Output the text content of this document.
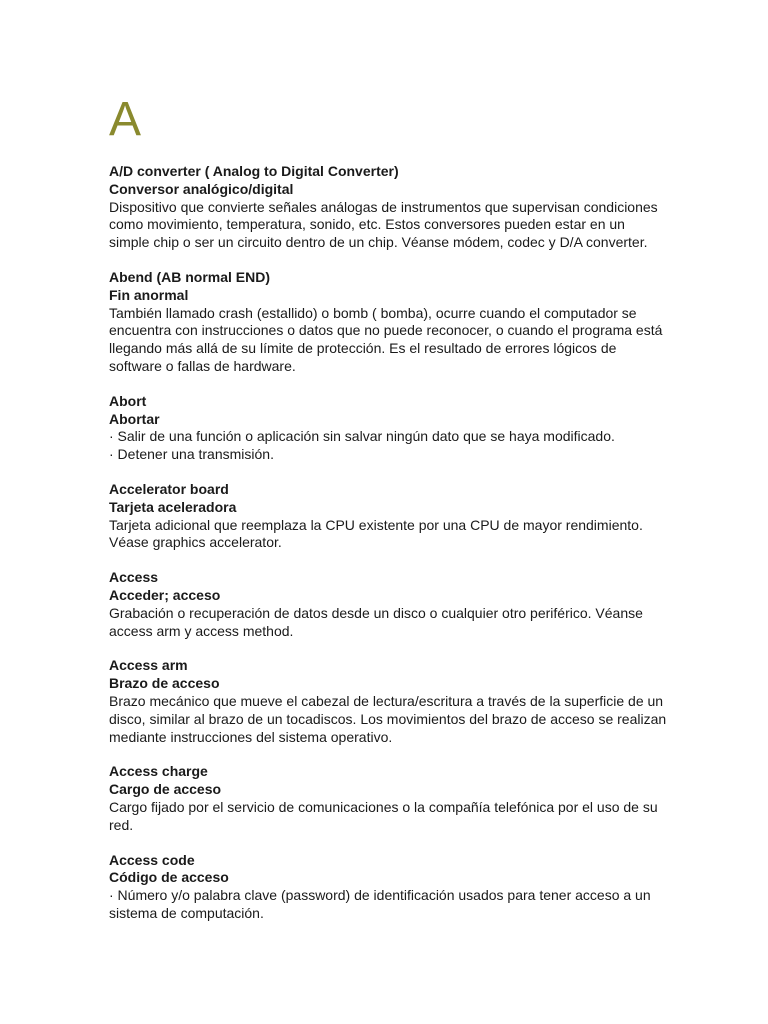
A

A/D converter ( Analog to Digital Converter)

Conversor analógico/digital

Dispositivo que convierte señales análogas de instrumentos que supervisan condiciones como movimiento, temperatura, sonido, etc. Estos conversores pueden estar en un simple chip o ser un circuito dentro de un chip. Véanse módem, codec y D/A converter.

Abend (AB normal END)

Fin anormal

También llamado crash (estallido) o bomb ( bomba), ocurre cuando el computador se encuentra con instrucciones o datos que no puede reconocer, o cuando el programa está llegando más allá de su límite de protección. Es el resultado de errores lógicos de software o fallas de hardware.

Abort

Abortar

· Salir de una función o aplicación sin salvar ningún dato que se haya modificado.

· Detener una transmisión.

Accelerator board

Tarjeta aceleradora

Tarjeta adicional que reemplaza la CPU existente por una CPU de mayor rendimiento. Véase graphics accelerator.

Access

Acceder; acceso

Grabación o recuperación de datos desde un disco o cualquier otro periférico. Véanse access arm y access method.

Access arm

Brazo de acceso

Brazo mecánico que mueve el cabezal de lectura/escritura a través de la superficie de un disco, similar al brazo de un tocadiscos. Los movimientos del brazo de acceso se realizan mediante instrucciones del sistema operativo.

Access charge

Cargo de acceso

Cargo fijado por el servicio de comunicaciones o la compañía telefónica por el uso de su red.

Access code

Código de acceso

· Número y/o palabra clave (password) de identificación usados para tener acceso a un sistema de computación.
